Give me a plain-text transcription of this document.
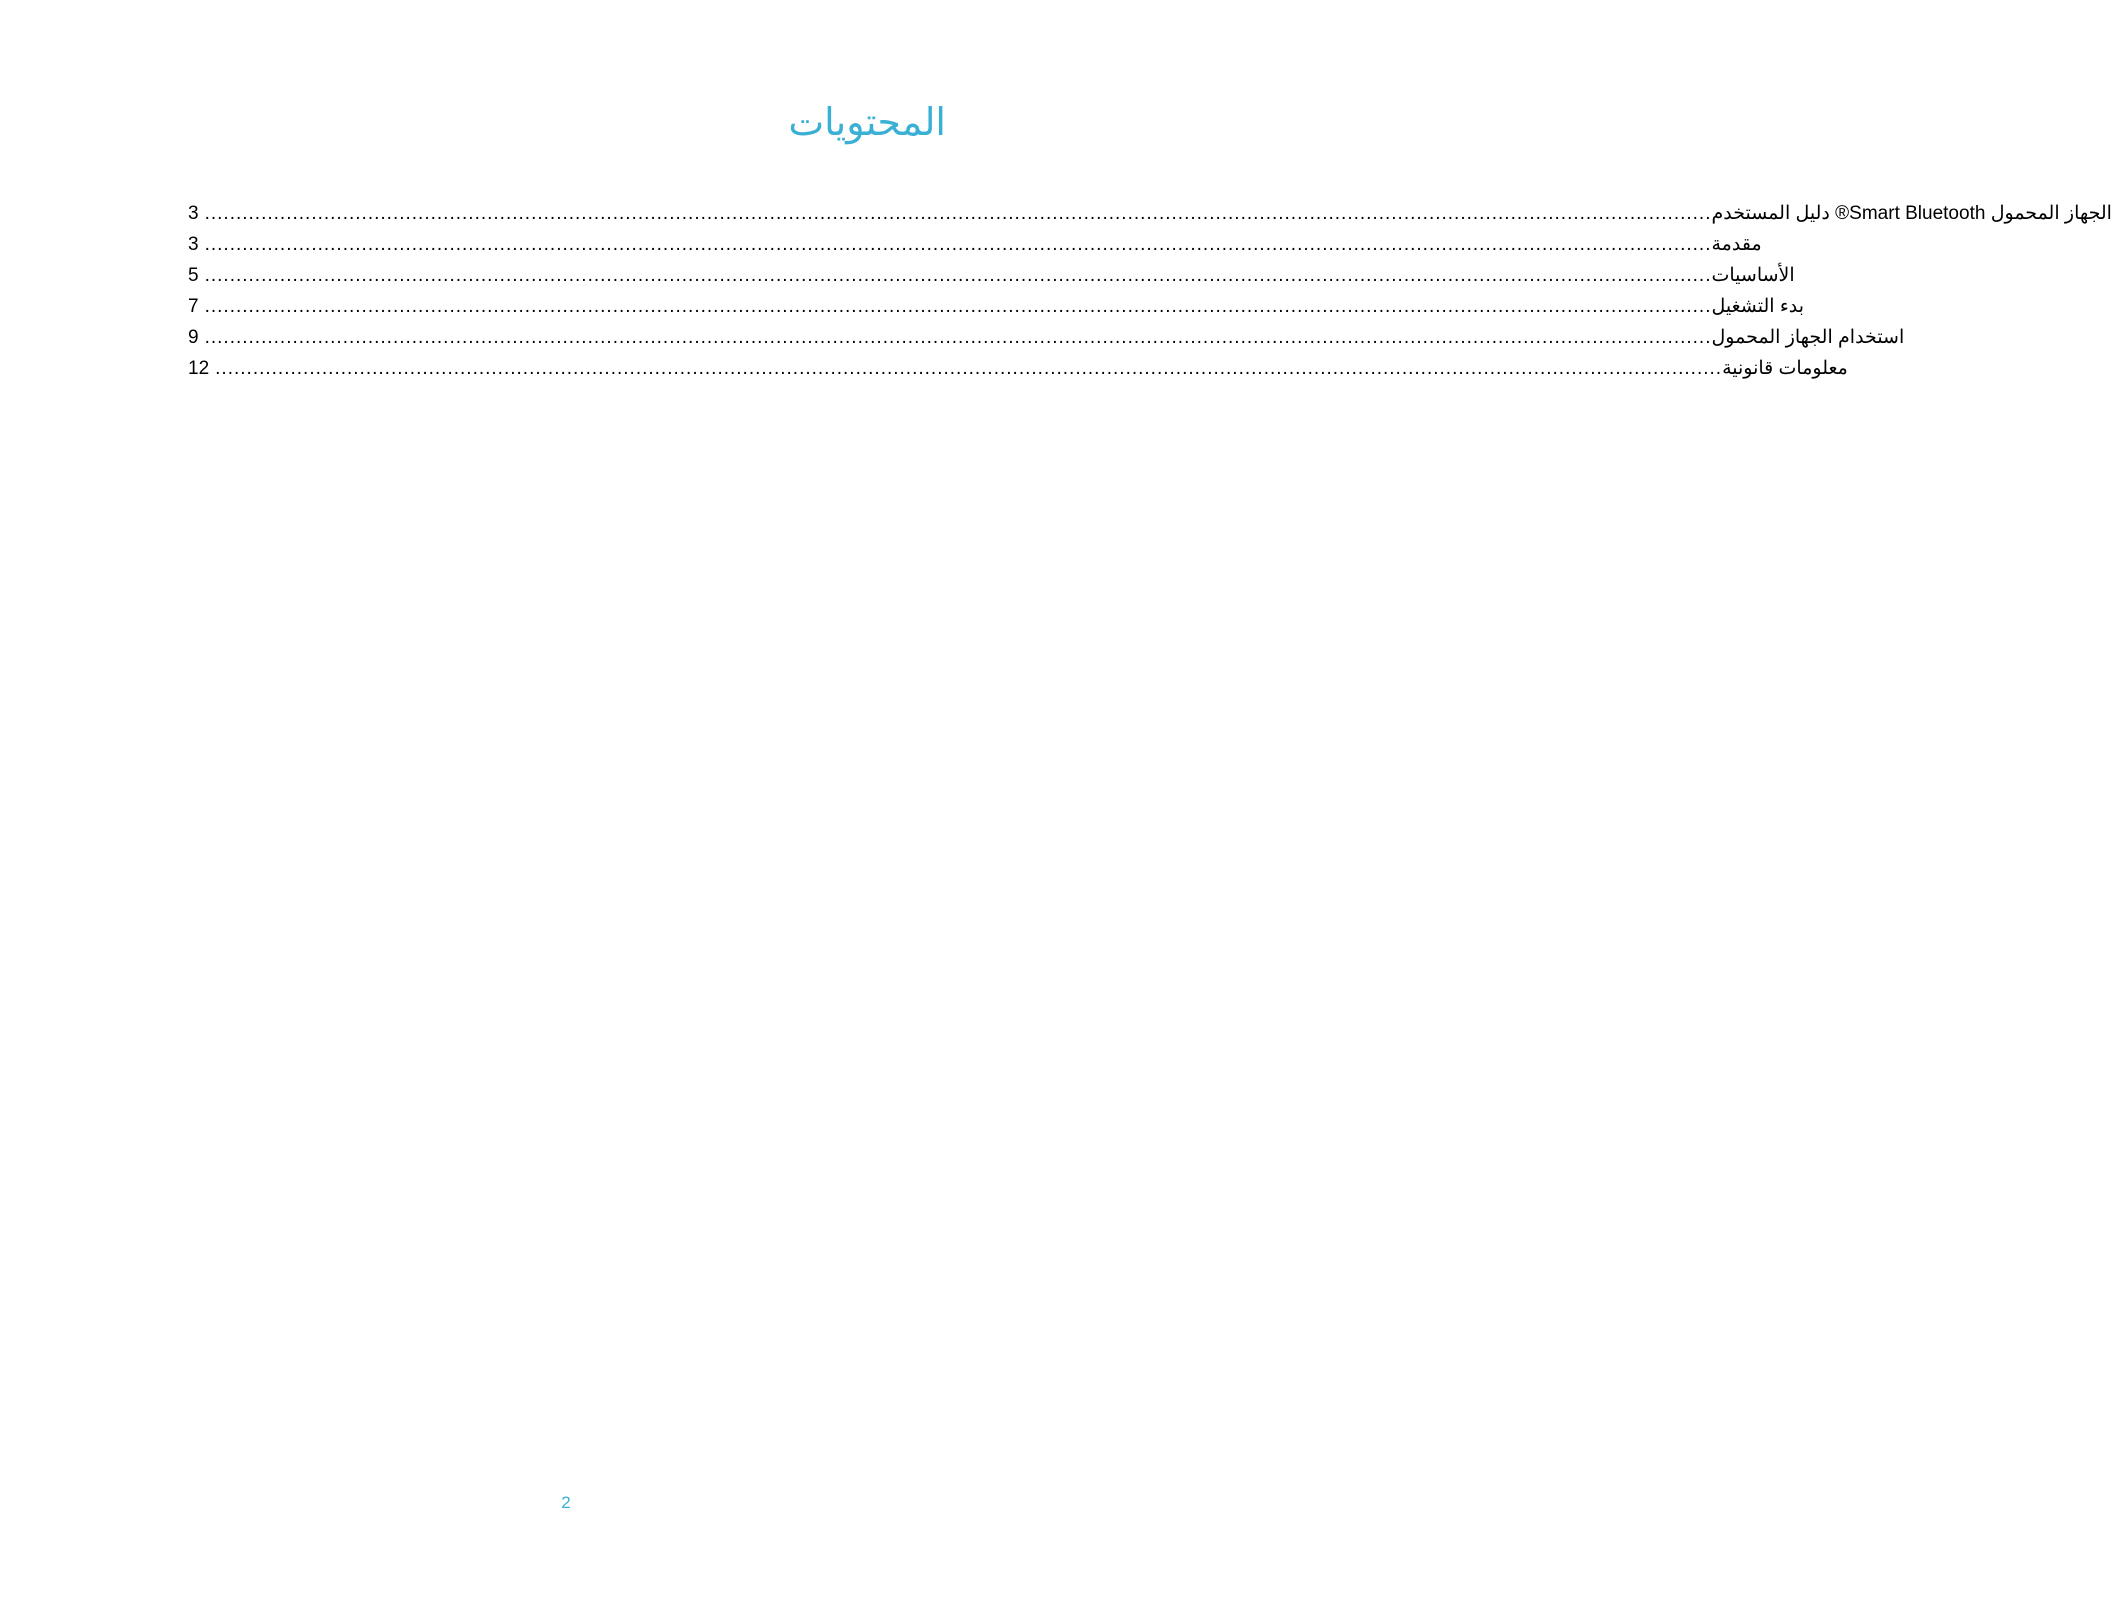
المحتويات
3 ................................................................................................................................................................................................................................................ الجهاز المحمول Smart Bluetooth® دليل المستخدم
3 ................................................................................................................................................................................................................................................ مقدمة
5 ................................................................................................................................................................................................................................................ الأساسيات
7 ................................................................................................................................................................................................................................................ بدء التشغيل
9 ................................................................................................................................................................................................................................................ استخدام الجهاز المحمول
12 ................................................................................................................................................................................................................................................ معلومات قانونية
2
